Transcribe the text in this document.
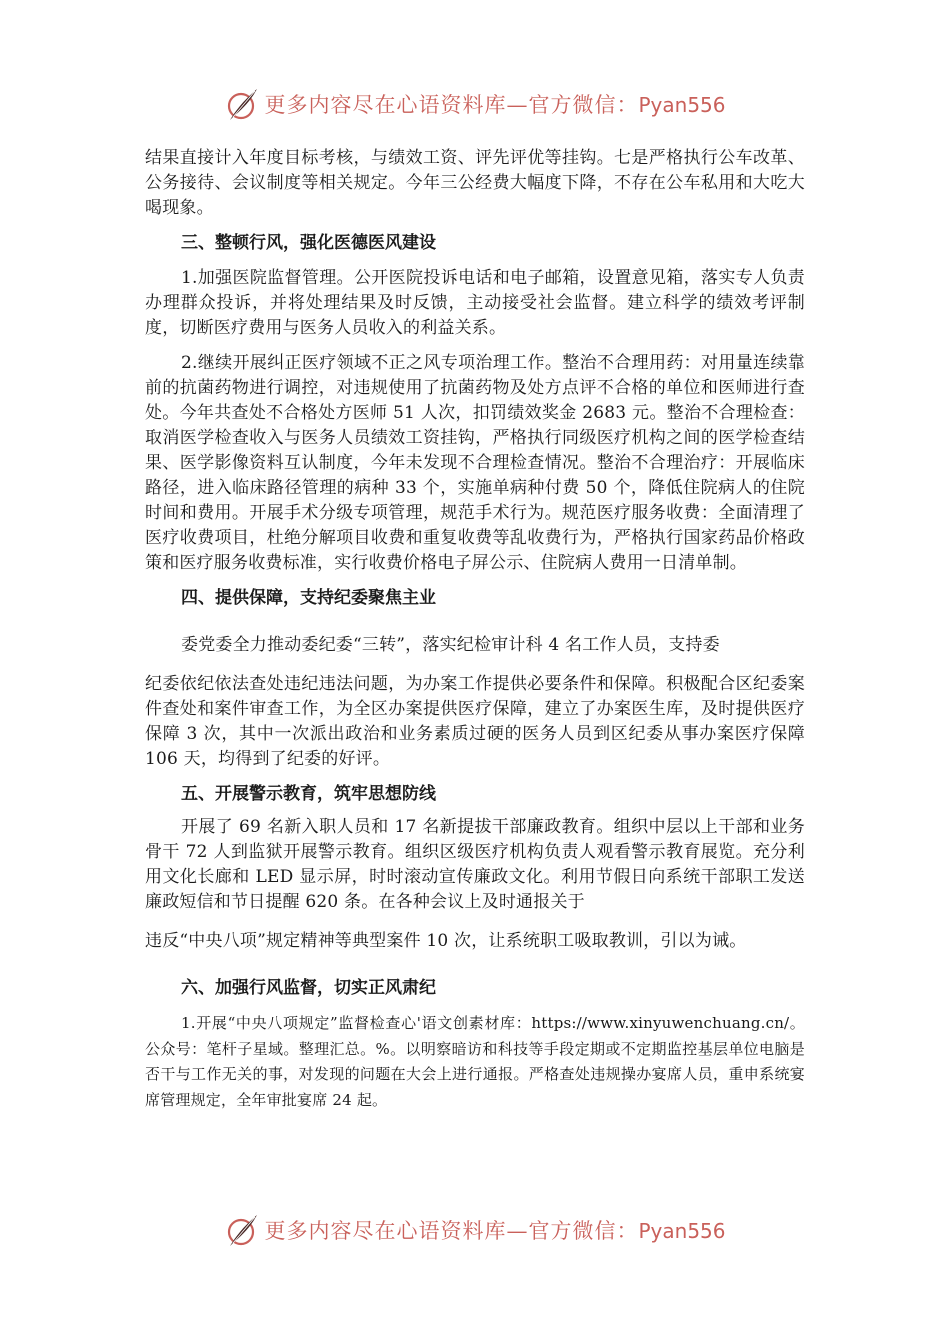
更多内容尽在心语资料库—官方微信：Pyan556

结果直接计入年度目标考核，与绩效工资、评先评优等挂钩。七是严格执行公车改革、公务接待、会议制度等相关规定。今年三公经费大幅度下降，不存在公车私用和大吃大喝现象。

三、整顿行风，强化医德医风建设

1.加强医院监督管理。公开医院投诉电话和电子邮箱，设置意见箱，落实专人负责办理群众投诉，并将处理结果及时反馈，主动接受社会监督。建立科学的绩效考评制度，切断医疗费用与医务人员收入的利益关系。

2.继续开展纠正医疗领域不正之风专项治理工作。整治不合理用药：对用量连续靠前的抗菌药物进行调控，对违规使用了抗菌药物及处方点评不合格的单位和医师进行查处。今年共查处不合格处方医师 51 人次，扣罚绩效奖金 2683 元。整治不合理检查：取消医学检查收入与医务人员绩效工资挂钩，严格执行同级医疗机构之间的医学检查结果、医学影像资料互认制度，今年未发现不合理检查情况。整治不合理治疗：开展临床路径，进入临床路径管理的病种 33 个，实施单病种付费 50 个，降低住院病人的住院时间和费用。开展手术分级专项管理，规范手术行为。规范医疗服务收费：全面清理了医疗收费项目，杜绝分解项目收费和重复收费等乱收费行为，严格执行国家药品价格政策和医疗服务收费标准，实行收费价格电子屏公示、住院病人费用一日清单制。

四、提供保障，支持纪委聚焦主业

委党委全力推动委纪委“三转”，落实纪检审计科 4 名工作人员，支持委

纪委依纪依法查处违纪违法问题，为办案工作提供必要条件和保障。积极配合区纪委案件查处和案件审查工作，为全区办案提供医疗保障，建立了办案医生库，及时提供医疗保障 3 次，其中一次派出政治和业务素质过硬的医务人员到区纪委从事办案医疗保障 106 天，均得到了纪委的好评。

五、开展警示教育，筑牢思想防线

开展了 69 名新入职人员和 17 名新提拔干部廉政教育。组织中层以上干部和业务骨干 72 人到监狱开展警示教育。组织区级医疗机构负责人观看警示教育展览。充分利用文化长廊和 LED 显示屏，时时滚动宣传廉政文化。利用节假日向系统干部职工发送廉政短信和节日提醒 620 条。在各种会议上及时通报关于

违反“中央八项”规定精神等典型案件 10 次，让系统职工吸取教训，引以为诫。

六、加强行风监督，切实正风肃纪

1.开展“中央八项规定”监督检查心'语文创素材库：https://www.xinyuwenchuang.cn/。公众号：笔杆子星域。整理汇总。%。以明察暗访和科技等手段定期或不定期监控基层单位电脑是否干与工作无关的事，对发现的问题在大会上进行通报。严格查处违规操办宴席人员，重申系统宴席管理规定，全年审批宴席 24 起。

更多内容尽在心语资料库—官方微信：Pyan556
